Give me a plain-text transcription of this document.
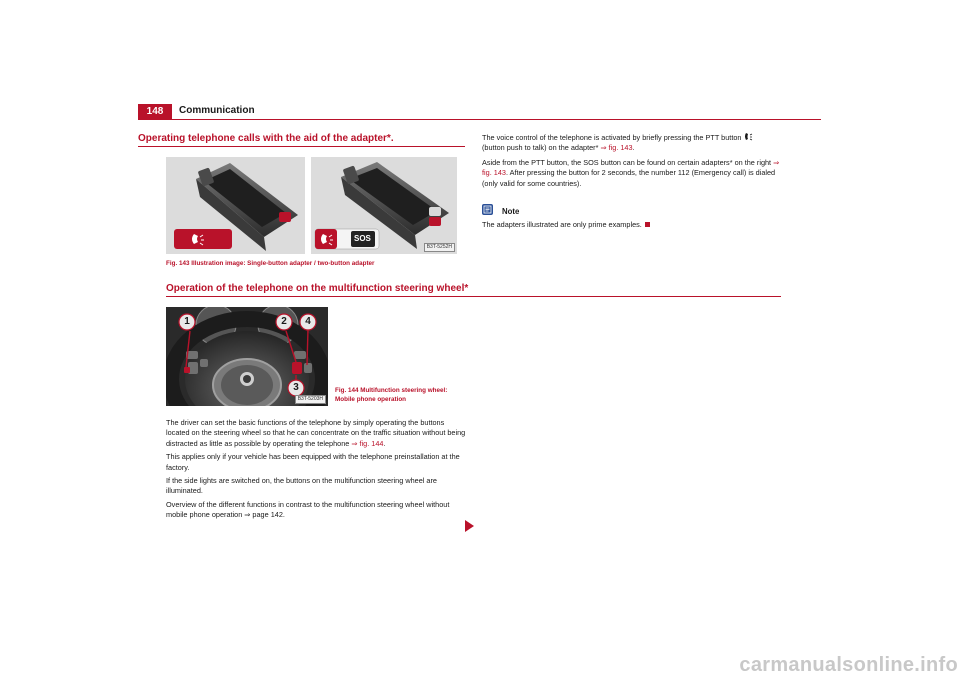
148	Communication
Operating telephone calls with the aid of the adapter*.
SOS
B3T-5252H
Fig. 143 Illustration image: Single-button adapter / two-button adapter

The voice control of the telephone is activated by briefly pressing the PTT button
(button push to talk) on the adapter* ⇒ fig. 143.

Aside from the PTT button, the SOS button can be found on certain adapters* on the right ⇒ fig. 143. After pressing the button for 2 seconds, the number 112 (Emergency call) is dialed (only valid for some countries).

Note
The adapters illustrated are only prime examples.
Operation of the telephone on the multifunction steering wheel*
1	2
3
4
B3T-5203H
Fig. 144 Multifunction steering wheel:
Mobile phone operation

The driver can set the basic functions of the telephone by simply operating the buttons located on the steering wheel so that he can concentrate on the traffic situation without being distracted as little as possible by operating the telephone ⇒ fig. 144.

This applies only if your vehicle has been equipped with the telephone preinstallation at the factory.

If the side lights are switched on, the buttons on the multifunction steering wheel are illuminated.

Overview of the different functions in contrast to the multifunction steering wheel without mobile phone operation ⇒ page 142.

carmanualsonline.info
